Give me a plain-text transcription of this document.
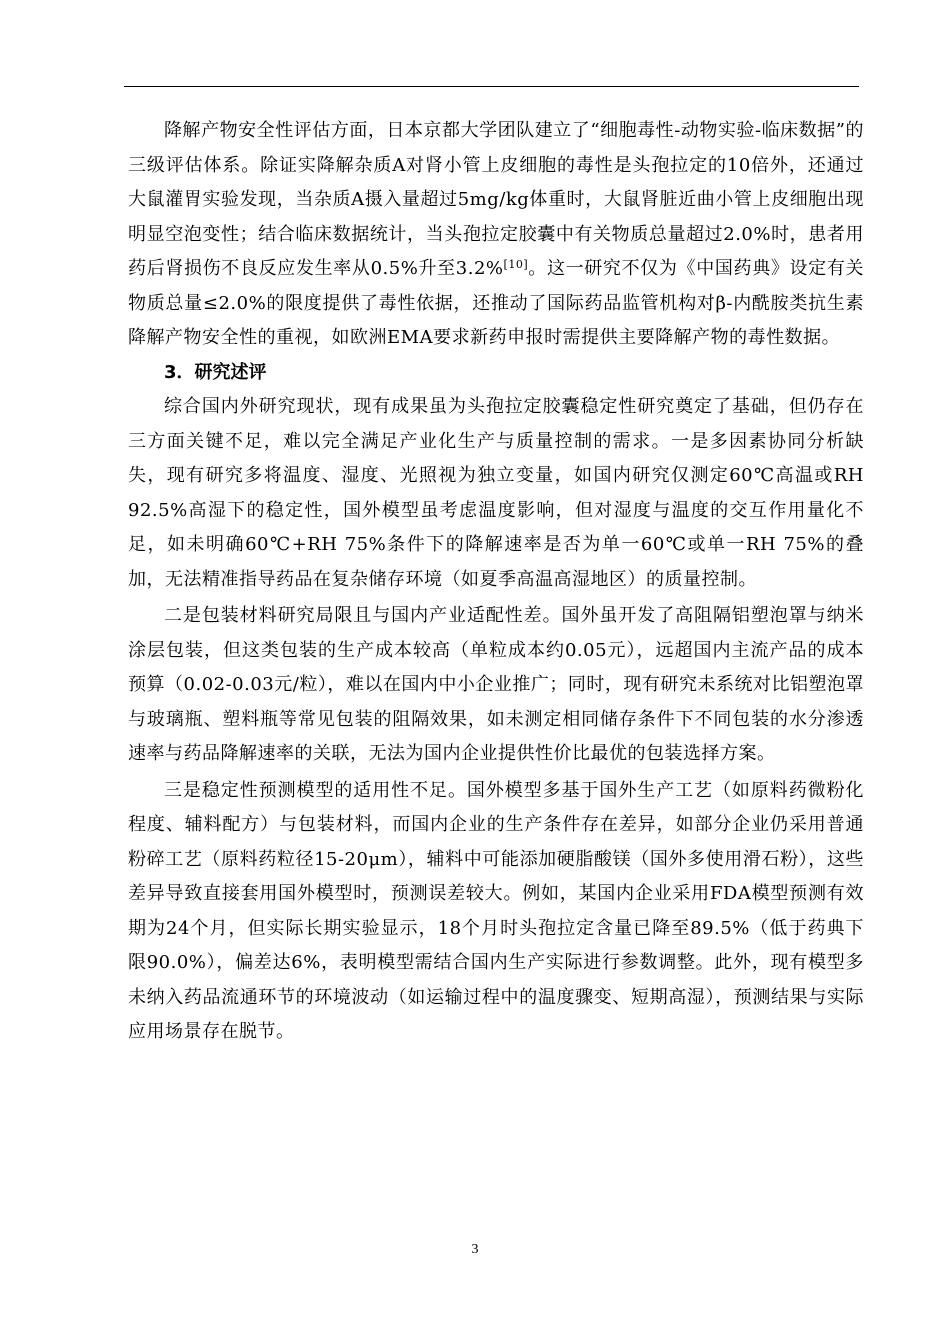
降解产物安全性评估方面，日本京都大学团队建立了“细胞毒性-动物实验-临床数据”的三级评估体系。除证实降解杂质A对肾小管上皮细胞的毒性是头孢拉定的10倍外，还通过大鼠灌胃实验发现，当杂质A摄入量超过5mg/kg体重时，大鼠肾脏近曲小管上皮细胞出现明显空泡变性；结合临床数据统计，当头孢拉定胶囊中有关物质总量超过2.0%时，患者用药后肾损伤不良反应发生率从0.5%升至3.2%[10]。这一研究不仅为《中国药典》设定有关物质总量≤2.0%的限度提供了毒性依据，还推动了国际药品监管机构对β-内酰胺类抗生素降解产物安全性的重视，如欧洲EMA要求新药申报时需提供主要降解产物的毒性数据。

3．研究述评

综合国内外研究现状，现有成果虽为头孢拉定胶囊稳定性研究奠定了基础，但仍存在三方面关键不足，难以完全满足产业化生产与质量控制的需求。一是多因素协同分析缺失，现有研究多将温度、湿度、光照视为独立变量，如国内研究仅测定60℃高温或RH 92.5%高湿下的稳定性，国外模型虽考虑温度影响，但对湿度与温度的交互作用量化不足，如未明确60℃+RH 75%条件下的降解速率是否为单一60℃或单一RH 75%的叠加，无法精准指导药品在复杂储存环境（如夏季高温高湿地区）的质量控制。

二是包装材料研究局限且与国内产业适配性差。国外虽开发了高阻隔铝塑泡罩与纳米涂层包装，但这类包装的生产成本较高（单粒成本约0.05元），远超国内主流产品的成本预算（0.02-0.03元/粒），难以在国内中小企业推广；同时，现有研究未系统对比铝塑泡罩与玻璃瓶、塑料瓶等常见包装的阻隔效果，如未测定相同储存条件下不同包装的水分渗透速率与药品降解速率的关联，无法为国内企业提供性价比最优的包装选择方案。

三是稳定性预测模型的适用性不足。国外模型多基于国外生产工艺（如原料药微粉化程度、辅料配方）与包装材料，而国内企业的生产条件存在差异，如部分企业仍采用普通粉碎工艺（原料药粒径15-20μm），辅料中可能添加硬脂酸镁（国外多使用滑石粉），这些差异导致直接套用国外模型时，预测误差较大。例如，某国内企业采用FDA模型预测有效期为24个月，但实际长期实验显示，18个月时头孢拉定含量已降至89.5%（低于药典下限90.0%），偏差达6%，表明模型需结合国内生产实际进行参数调整。此外，现有模型多未纳入药品流通环节的环境波动（如运输过程中的温度骤变、短期高湿），预测结果与实际应用场景存在脱节。

3
